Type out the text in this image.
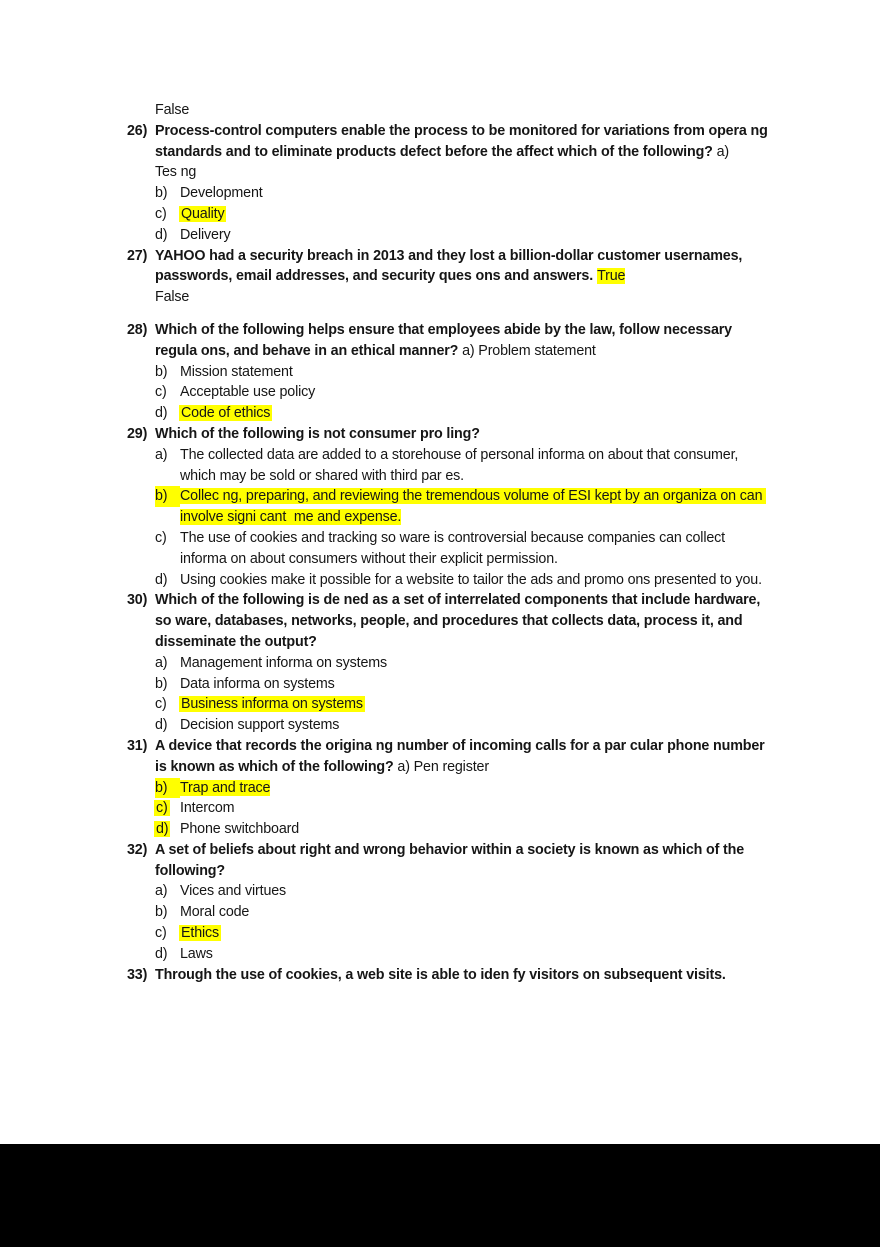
False
26) Process-control computers enable the process to be monitored for variations from opera ng standards and to eliminate products defect before the affect which of the following? a)
Tes ng
b) Development
c)	Quality
d) Delivery
27) YAHOO had a security breach in 2013 and they lost a billion-dollar customer usernames, passwords, email addresses, and security ques ons and answers. True
False
28) Which of the following helps ensure that employees abide by the law, follow necessary regula ons, and behave in an ethical manner? a) Problem statement
b) Mission statement
c) Acceptable use policy
d) Code of ethics
29) Which of the following is not consumer pro ling?
a) The collected data are added to a storehouse of personal informa on about that consumer, which may be sold or shared with third par es.
b) Collec ng, preparing, and reviewing the tremendous volume of ESI kept by an organiza on can involve signi cant  me and expense.
c) The use of cookies and tracking so ware is controversial because companies can collect informa on about consumers without their explicit permission.
d) Using cookies make it possible for a website to tailor the ads and promo ons presented to you.
30) Which of the following is de ned as a set of interrelated components that include hardware, so ware, databases, networks, people, and procedures that collects data, process it, and disseminate the output?
a) Management informa on systems
b) Data informa on systems
c)	Business informa on systems
d) Decision support systems
31) A device that records the origina ng number of incoming calls for a par cular phone number is known as which of the following? a) Pen register
b) Trap and trace
c) Intercom
d) Phone switchboard
32) A set of beliefs about right and wrong behavior within a society is known as which of the following?
a) Vices and virtues
b) Moral code
c)	Ethics
d) Laws
33) Through the use of cookies, a web site is able to iden fy visitors on subsequent visits.
